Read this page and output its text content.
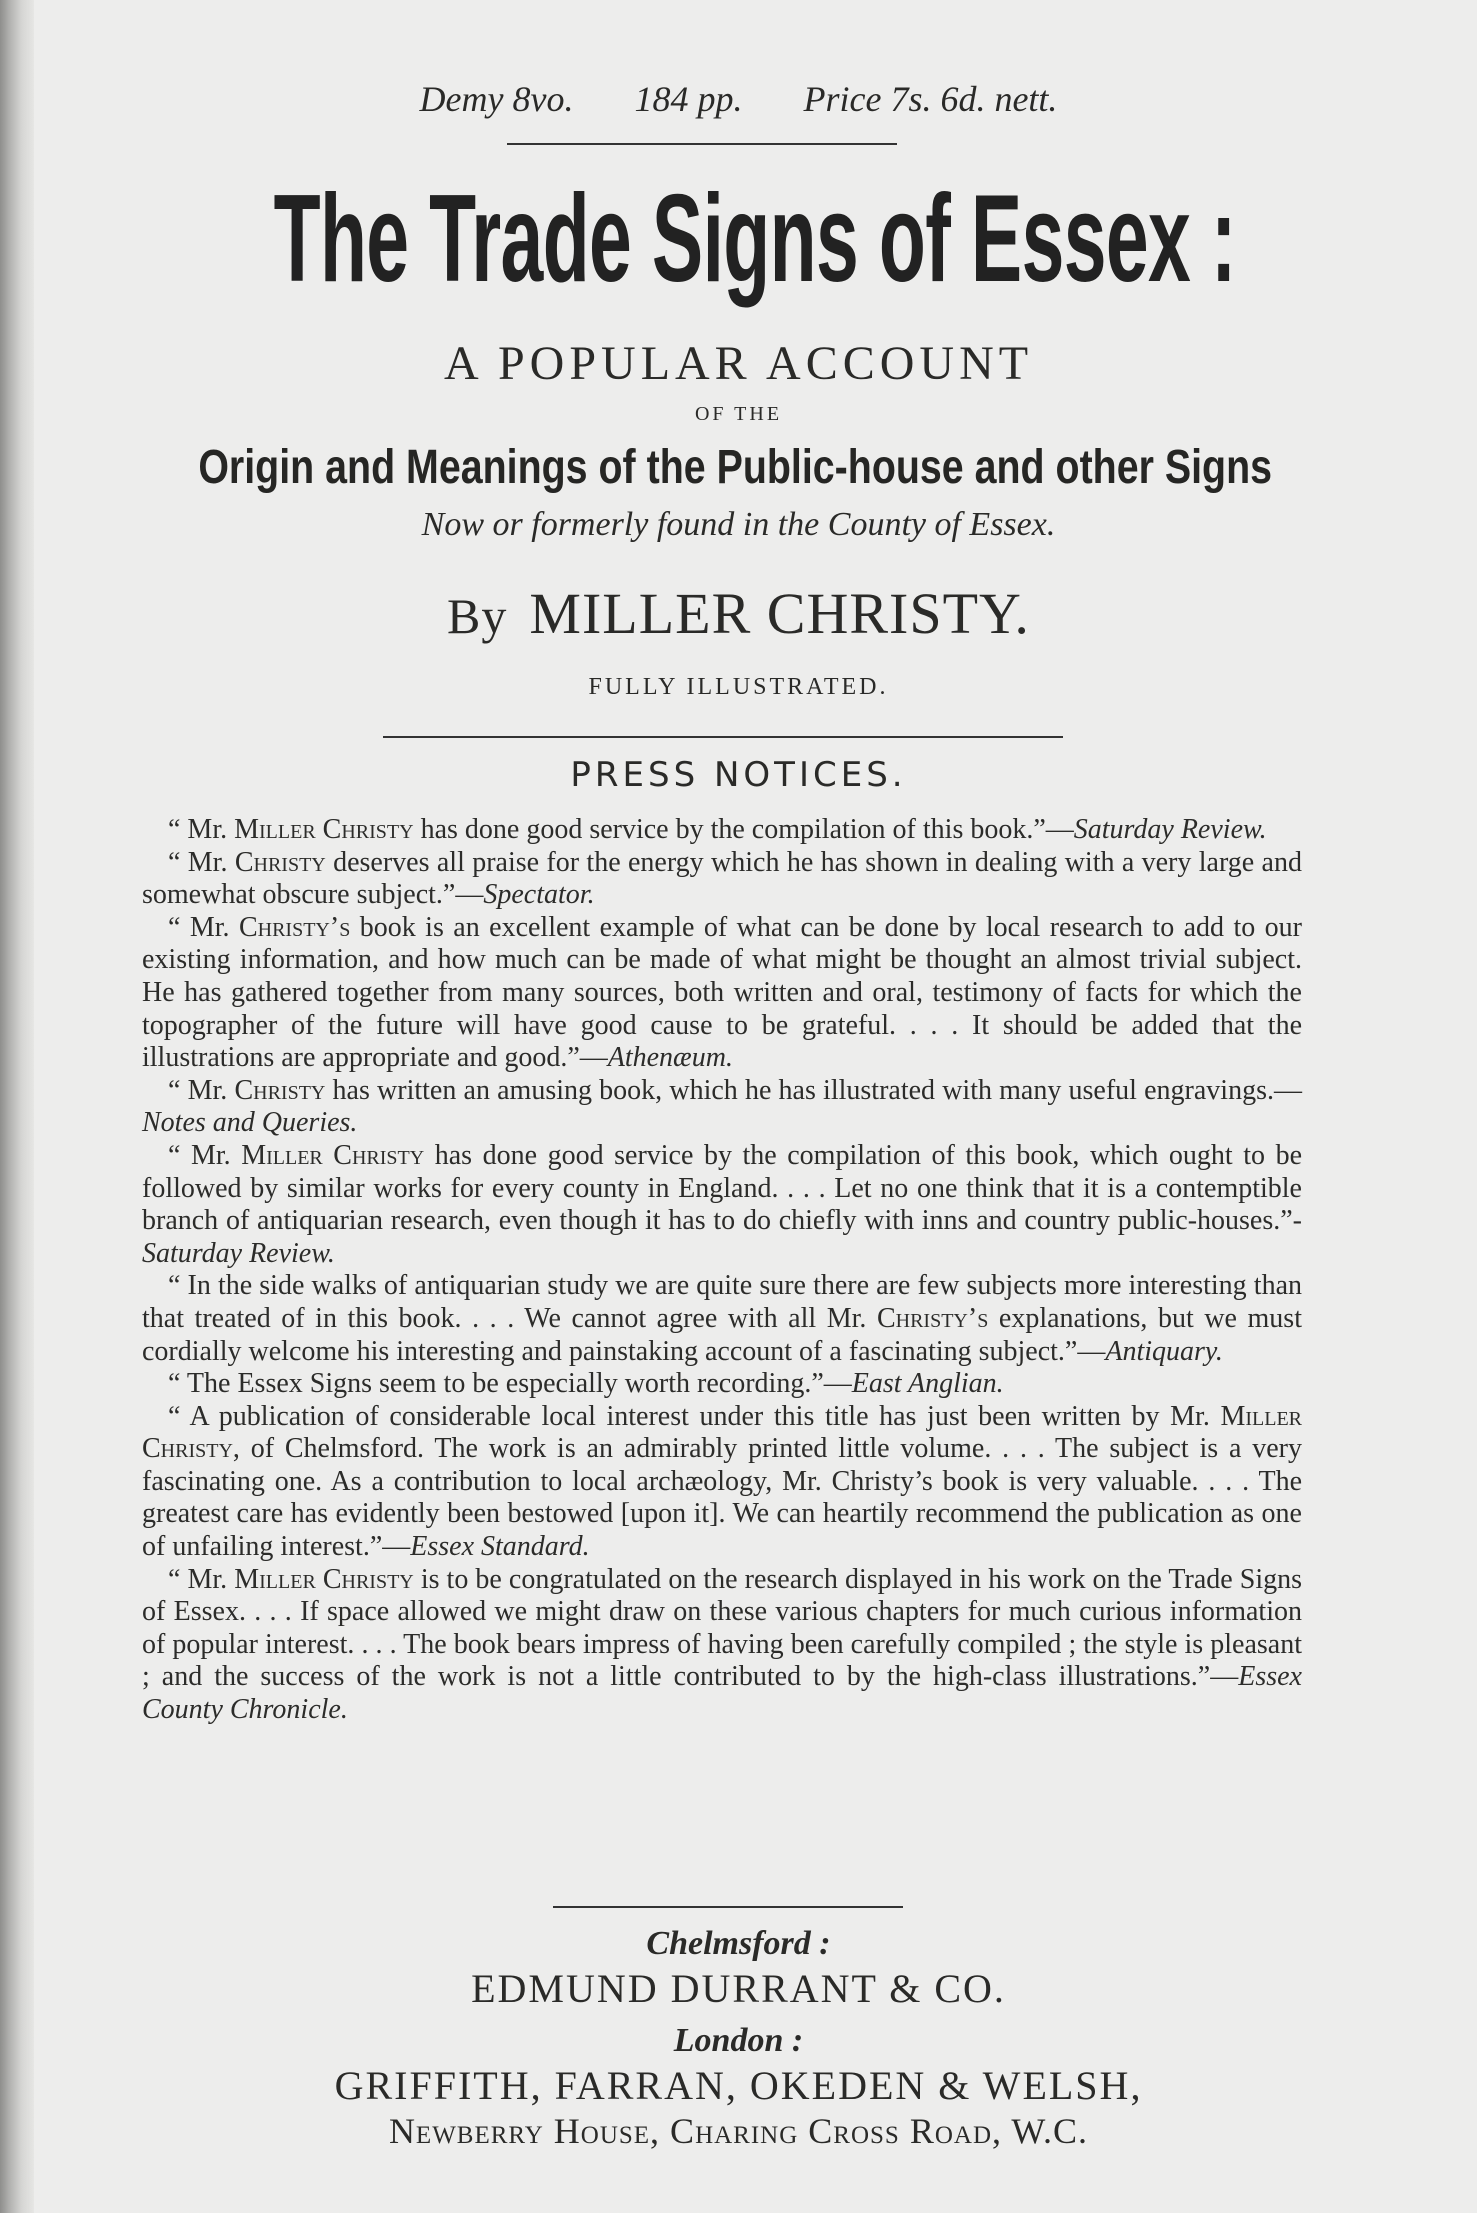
Demy 8vo. 184 pp. Price 7s. 6d. nett.
The Trade Signs of Essex :
A POPULAR ACCOUNT
OF THE
Origin and Meanings of the Public-house and other Signs
Now or formerly found in the County of Essex.
By MILLER CHRISTY.
FULLY ILLUSTRATED.
PRESS NOTICES.

“ Mr. Miller Christy has done good service by the compilation of this book.”—Saturday Review.

“ Mr. Christy deserves all praise for the energy which he has shown in dealing with a very large and somewhat obscure subject.”—Spectator.

“ Mr. Christy’s book is an excellent example of what can be done by local research to add to our existing information, and how much can be made of what might be thought an almost trivial subject. He has gathered together from many sources, both written and oral, testimony of facts for which the topographer of the future will have good cause to be grateful. . . . It should be added that the illustrations are appropriate and good.”—Athenæum.

“ Mr. Christy has written an amusing book, which he has illustrated with many useful engravings.—Notes and Queries.

“ Mr. Miller Christy has done good service by the compilation of this book, which ought to be followed by similar works for every county in England. . . . Let no one think that it is a contemptible branch of antiquarian research, even though it has to do chiefly with inns and country public-houses.”-Saturday Review.

“ In the side walks of antiquarian study we are quite sure there are few subjects more interesting than that treated of in this book. . . . We cannot agree with all Mr. Christy’s explanations, but we must cordially welcome his interesting and painstaking account of a fascinating subject.”—Antiquary.

“ The Essex Signs seem to be especially worth recording.”—East Anglian.

“ A publication of considerable local interest under this title has just been written by Mr. Miller Christy, of Chelmsford. The work is an admirably printed little volume. . . . The subject is a very fascinating one. As a contribution to local archæology, Mr. Christy’s book is very valuable. . . . The greatest care has evidently been bestowed [upon it]. We can heartily recommend the publication as one of unfailing interest.”—Essex Standard.

“ Mr. Miller Christy is to be congratulated on the research displayed in his work on the Trade Signs of Essex. . . . If space allowed we might draw on these various chapters for much curious information of popular interest. . . . The book bears impress of having been carefully compiled ; the style is pleasant ; and the success of the work is not a little contributed to by the high-class illustrations.”—Essex County Chronicle.

Chelmsford :
EDMUND DURRANT & CO.
London :
GRIFFITH, FARRAN, OKEDEN & WELSH,
Newberry House, Charing Cross Road, W.C.
